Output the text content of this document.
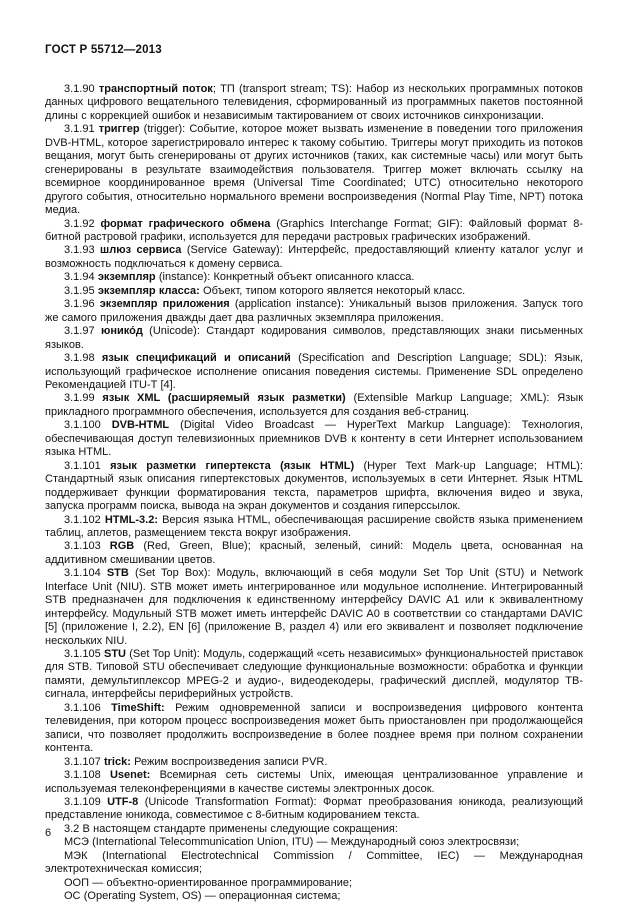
ГОСТ Р 55712—2013

3.1.90 транспортный поток; ТП (transport stream; TS): Набор из нескольких программных потоков данных цифрового вещательного телевидения, сформированный из программных пакетов постоянной длины с коррекцией ошибок и независимым тактированием от своих источников синхронизации.

3.1.91 триггер (trigger): Событие, которое может вызвать изменение в поведении того приложения DVB-HTML, которое зарегистрировало интерес к такому событию. Триггеры могут приходить из потоков вещания, могут быть сгенерированы от других источников (таких, как системные часы) или могут быть сгенерированы в результате взаимодействия пользователя. Триггер может включать ссылку на всемирное координированное время (Universal Time Coordinated; UTC) относительно некоторого другого события, относительно нормального времени воспроизведения (Normal Play Time, NPT) потока медиа.

3.1.92 формат графического обмена (Graphics Interchange Format; GIF): Файловый формат 8-битной растровой графики, используется для передачи растровых графических изображений.

3.1.93 шлюз сервиса (Service Gateway): Интерфейс, предоставляющий клиенту каталог услуг и возможность подключаться к домену сервиса.

3.1.94 экземпляр (instance): Конкретный объект описанного класса.

3.1.95 экземпляр класса: Объект, типом которого является некоторый класс.

3.1.96 экземпляр приложения (application instance): Уникальный вызов приложения. Запуск того же самого приложения дважды дает два различных экземпляра приложения.

3.1.97 юнико́д (Unicode): Стандарт кодирования символов, представляющих знаки письменных языков.

3.1.98 язык спецификаций и описаний (Specification and Description Language; SDL): Язык, использующий графическое исполнение описания поведения системы. Применение SDL определено Рекомендацией ITU-T [4].

3.1.99 язык XML (расширяемый язык разметки) (Extensible Markup Language; XML): Язык прикладного программного обеспечения, используется для создания веб-страниц.

3.1.100 DVB-HTML (Digital Video Broadcast — HyperText Markup Language): Технология, обеспечивающая доступ телевизионных приемников DVB к контенту в сети Интернет использованием языка HTML.

3.1.101 язык разметки гипертекста (язык HTML) (Hyper Text Mark-up Language; HTML): Стандартный язык описания гипертекстовых документов, используемых в сети Интернет. Язык HTML поддерживает функции форматирования текста, параметров шрифта, включения видео и звука, запуска программ поиска, вывода на экран документов и создания гиперссылок.

3.1.102 HTML-3.2: Версия языка HTML, обеспечивающая расширение свойств языка применением таблиц, аплетов, размещением текста вокруг изображения.

3.1.103 RGB (Red, Green, Blue); красный, зеленый, синий: Модель цвета, основанная на аддитивном смешивании цветов.

3.1.104 STB (Set Top Box): Модуль, включающий в себя модули Set Top Unit (STU) и Network Interface Unit (NIU). STB может иметь интегрированное или модульное исполнение. Интегрированный STB предназначен для подключения к единственному интерфейсу DAVIC A1 или к эквивалентному интерфейсу. Модульный STB может иметь интерфейс DAVIC A0 в соответствии со стандартами DAVIC [5] (приложение I, 2.2), EN [6] (приложение В, раздел 4) или его эквивалент и позволяет подключение нескольких NIU.

3.1.105 STU (Set Top Unit): Модуль, содержащий «сеть независимых» функциональностей приставок для STB. Типовой STU обеспечивает следующие функциональные возможности: обработка и функции памяти, демультиплексор MPEG-2 и аудио-, видеодекодеры, графический дисплей, модулятор ТВ-сигнала, интерфейсы периферийных устройств.

3.1.106 TimeShift: Режим одновременной записи и воспроизведения цифрового контента телевидения, при котором процесс воспроизведения может быть приостановлен при продолжающейся записи, что позволяет продолжить воспроизведение в более позднее время при полном сохранении контента.

3.1.107 trick: Режим воспроизведения записи PVR.

3.1.108 Usenet: Всемирная сеть системы Unix, имеющая централизованное управление и используемая телеконференциями в качестве системы электронных досок.

3.1.109 UTF-8 (Unicode Transformation Format): Формат преобразования юникода, реализующий представление юникода, совместимое с 8-битным кодированием текста.

3.2 В настоящем стандарте применены следующие сокращения:

МСЭ (International Telecommunication Union, ITU) — Международный союз электросвязи;

МЭК (International Electrotechnical Commission / Committee, IEC) — Международная электротехническая комиссия;

ООП — объектно-ориентированное программирование;

ОС (Operating System, OS) — операционная система;

6
